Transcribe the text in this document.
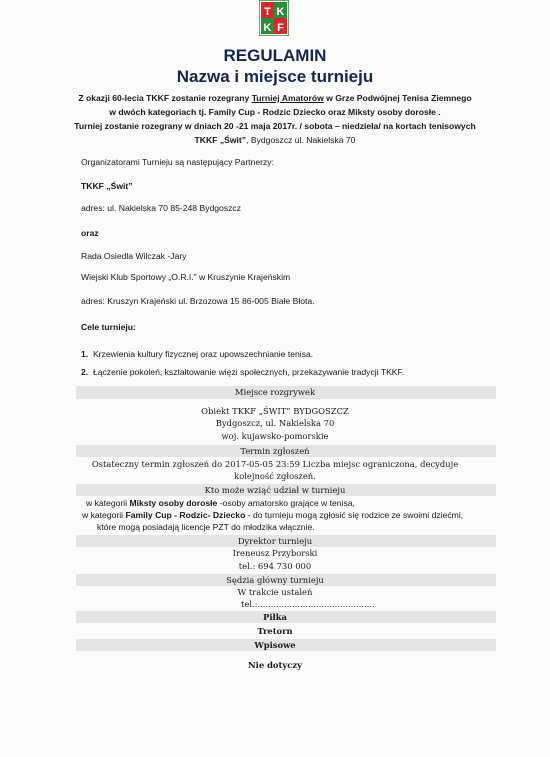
T K
K F
REGULAMIN
Nazwa i miejsce turnieju
Z okazji 60-lecia TKKF zostanie rozegrany Turniej Amatorów w Grze Podwójnej Tenisa Ziemnego
w dwóch kategoriach tj. Family Cup - Rodzic Dziecko oraz Miksty osoby dorosłe .
Turniej zostanie rozegrany w dniach 20 -21 maja 2017r. / sobota – niedziela/ na kortach tenisowych
TKKF „Świt”, Bydgoszcz ul. Nakielska 70
Organizatorami Turnieju są następujący Partnerzy:
TKKF „Świt”
adres: ul. Nakielska 70 85-248 Bydgoszcz
oraz
Rada Osiedla Wilczak -Jary
Wiejski Klub Sportowy „O.R.I.” w Kruszynie Krajeńskim
adres: Kruszyn Krajeński ul. Brzozowa 15 86-005 Białe Błota.
Cele turnieju:
1. Krzewienia kultury fizycznej oraz upowszechnianie tenisa.
2. Łączenie pokoleń, kształtowanie więzi społecznych, przekazywanie tradycji TKKF.
Miejsce rozgrywek
Obiekt TKKF „ŚWIT” BYDGOSZCZ
Bydgoszcz, ul. Nakielska 70
woj. kujawsko-pomorskie
Termin zgłoszeń
Ostateczny termin zgłoszeń do 2017-05-05 23:59 Liczba miejsc ograniczona, decyduje
kolejność zgłoszeń.
Kto może wziąć udział w turnieju
w kategorii Miksty osoby dorosłe -osoby amatorsko grające w tenisa,
w kategorii Family Cup - Rodzic- Dziecko - do turnieju mogą zgłosić się rodzice ze swoimi dziećmi,
które mogą posiadają licencje PZT do młodzika włącznie.
Dyrektor turnieju
Ireneusz Przyborski
tel.: 694 730 000
Sędzia główny turnieju
W trakcie ustaleń
tel.:............................................
Piłka
Tretorn
Wpisowe
Nie dotyczy
